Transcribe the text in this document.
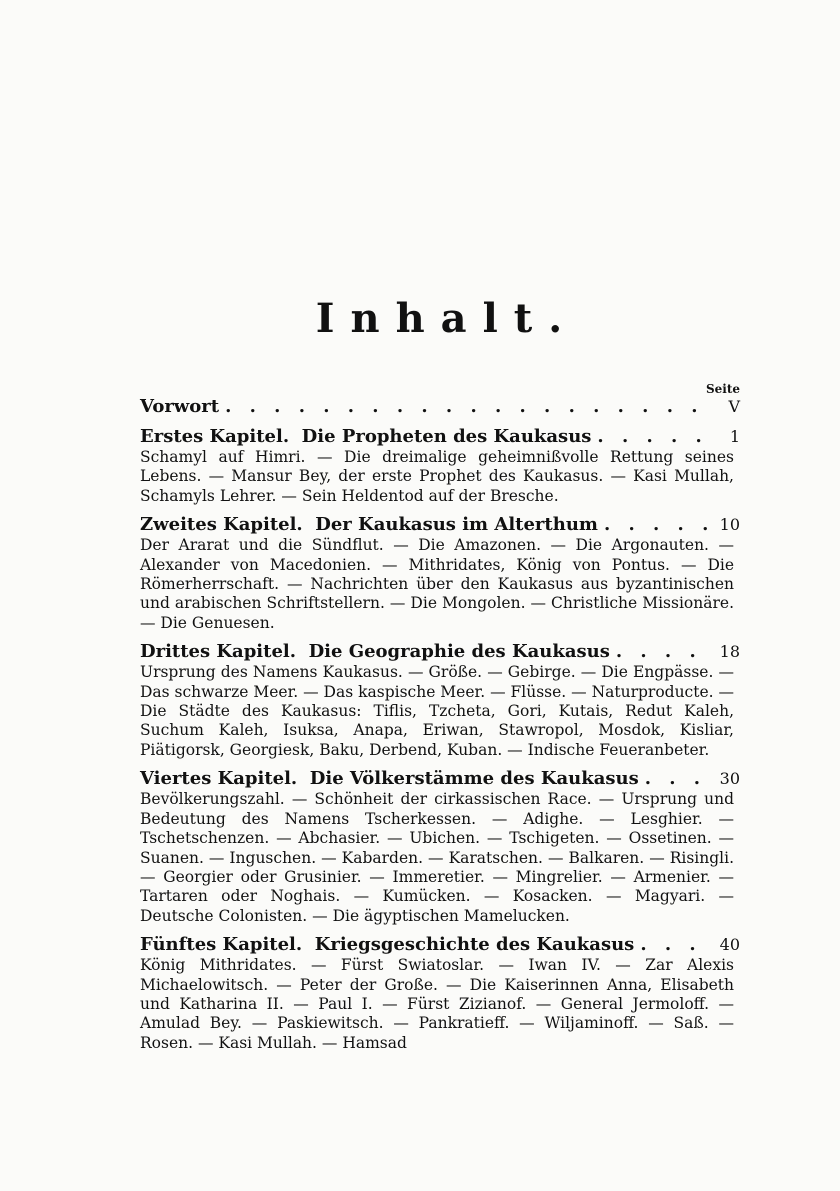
Inhalt.
Seite
Vorwort . . .	V
Erstes Kapitel.
Die Propheten des Kaukasus . . .	1

Schamyl auf Himri. — Die dreimalige geheimnißvolle Rettung seines Lebens. — Mansur Bey, der erste Prophet des Kaukasus. — Kasi Mullah, Schamyls Lehrer. — Sein Heldentod auf der Bresche.

Zweites Kapitel.
Der Kaukasus im Alterthum . . .	10

Der Ararat und die Sündflut. — Die Amazonen. — Die Argonauten. — Alexander von Macedonien. — Mithridates, König von Pontus. — Die Römerherrschaft. — Nachrichten über den Kaukasus aus byzantinischen und arabischen Schriftstellern. — Die Mongolen. — Christliche Missionäre. — Die Genuesen.

Drittes Kapitel.
Die Geographie des Kaukasus . . .	18

Ursprung des Namens Kaukasus. — Größe. — Gebirge. — Die Engpässe. — Das schwarze Meer. — Das kaspische Meer. — Flüsse. — Naturproducte. — Die Städte des Kaukasus: Tiflis, Tzcheta, Gori, Kutais, Redut Kaleh, Suchum Kaleh, Isuksa, Anapa, Eriwan, Stawropol, Mosdok, Kisliar, Piätigorsk, Georgiesk, Baku, Derbend, Kuban. — Indische Feueranbeter.

Viertes Kapitel.
Die Völkerstämme des Kaukasus . . .	30

Bevölkerungszahl. — Schönheit der cirkassischen Race. — Ursprung und Bedeutung des Namens Tscherkessen. — Adighe. — Lesghier. — Tschetschenzen. — Abchasier. — Ubichen. — Tschigeten. — Ossetinen. — Suanen. — Inguschen. — Kabarden. — Karatschen. — Balkaren. — Risingli. — Georgier oder Grusinier. — Immeretier. — Mingrelier. — Armenier. — Tartaren oder Noghais. — Kumücken. — Kosacken. — Magyari. — Deutsche Colonisten. — Die ägyptischen Mamelucken.

Fünftes Kapitel.
Kriegsgeschichte des Kaukasus . . .	40

König Mithridates. — Fürst Swiatoslar. — Iwan IV. — Zar Alexis Michaelowitsch. — Peter der Große. — Die Kaiserinnen Anna, Elisabeth und Katharina II. — Paul I. — Fürst Zizianof. — General Jermoloff. — Amulad Bey. — Paskiewitsch. — Pankratieff. — Wiljaminoff. — Saß. — Rosen. — Kasi Mullah. — Hamsad
